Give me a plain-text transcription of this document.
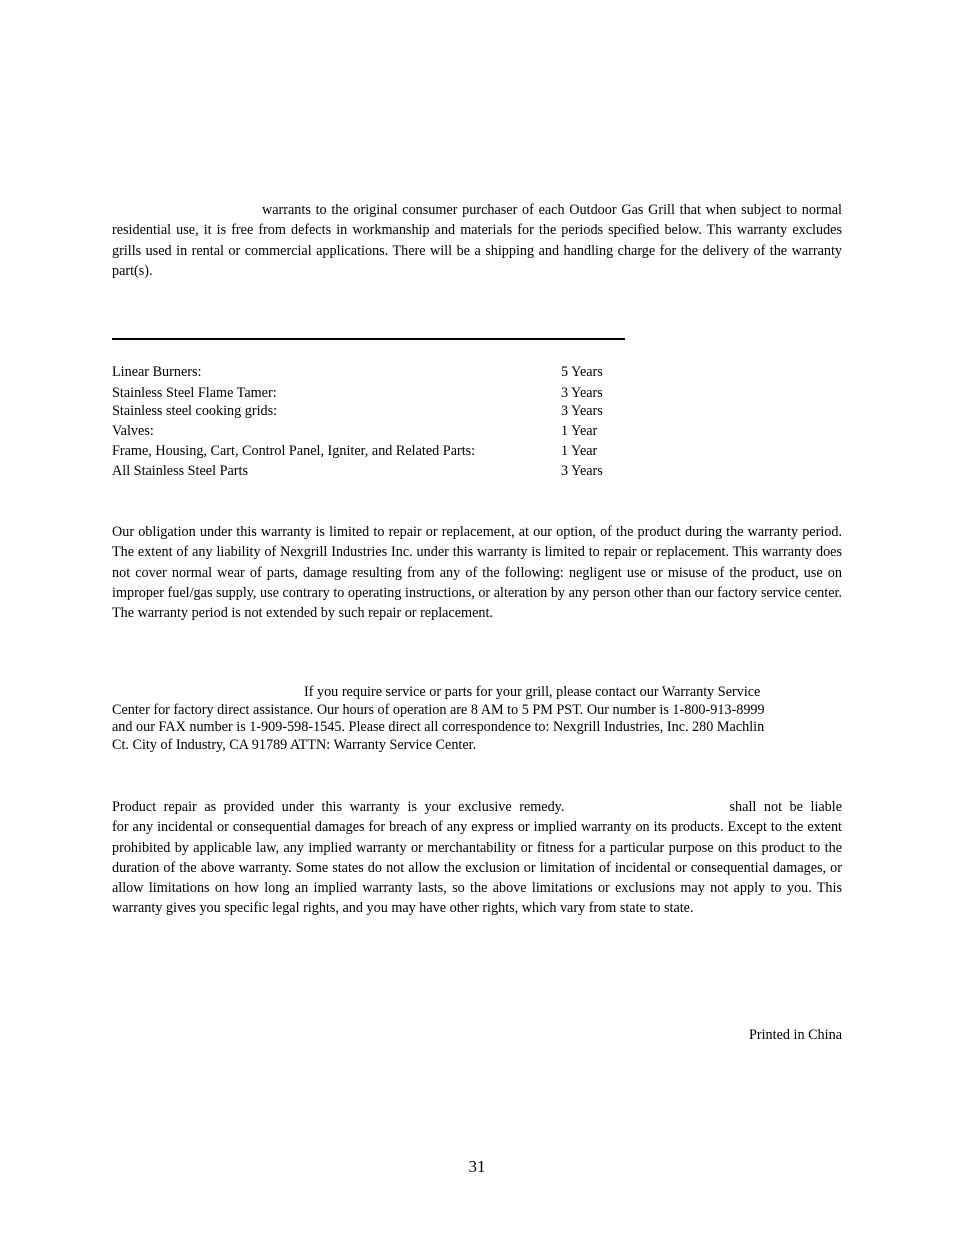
warrants to the original consumer purchaser of each Outdoor Gas Grill that when subject to normal residential use, it is free from defects in workmanship and materials for the periods specified below. This warranty excludes grills used in rental or commercial applications. There will be a shipping and handling charge for the delivery of the warranty part(s).
Linear Burners:	5 Years
Stainless Steel Flame Tamer:	3 Years
Stainless steel cooking grids:	3 Years
Valves:	1 Year
Frame, Housing, Cart, Control Panel, Igniter, and Related Parts:	1 Year
All Stainless Steel Parts	3 Years
Our obligation under this warranty is limited to repair or replacement, at our option, of the product during the warranty period. The extent of any liability of Nexgrill Industries Inc. under this warranty is limited to repair or replacement. This warranty does not cover normal wear of parts, damage resulting from any of the following: negligent use or misuse of the product, use on improper fuel/gas supply, use contrary to operating instructions, or alteration by any person other than our factory service center. The warranty period is not extended by such repair or replacement.
If you require service or parts for your grill, please contact our Warranty Service
Center for factory direct assistance. Our hours of operation are 8 AM to 5 PM PST. Our number is 1-800-913-8999
and our FAX number is 1-909-598-1545. Please direct all correspondence to: Nexgrill Industries, Inc. 280 Machlin
Ct. City of Industry, CA 91789 ATTN: Warranty Service Center.
Product repair as provided under this warranty is your exclusive remedy.	shall not be liable
for any incidental or consequential damages for breach of any express or implied warranty on its products. Except to the extent prohibited by applicable law, any implied warranty or merchantability or fitness for a particular purpose on this product to the duration of the above warranty. Some states do not allow the exclusion or limitation of incidental or consequential damages, or allow limitations on how long an implied warranty lasts, so the above limitations or exclusions may not apply to you. This warranty gives you specific legal rights, and you may have other rights, which vary from state to state.
Printed in China
31
